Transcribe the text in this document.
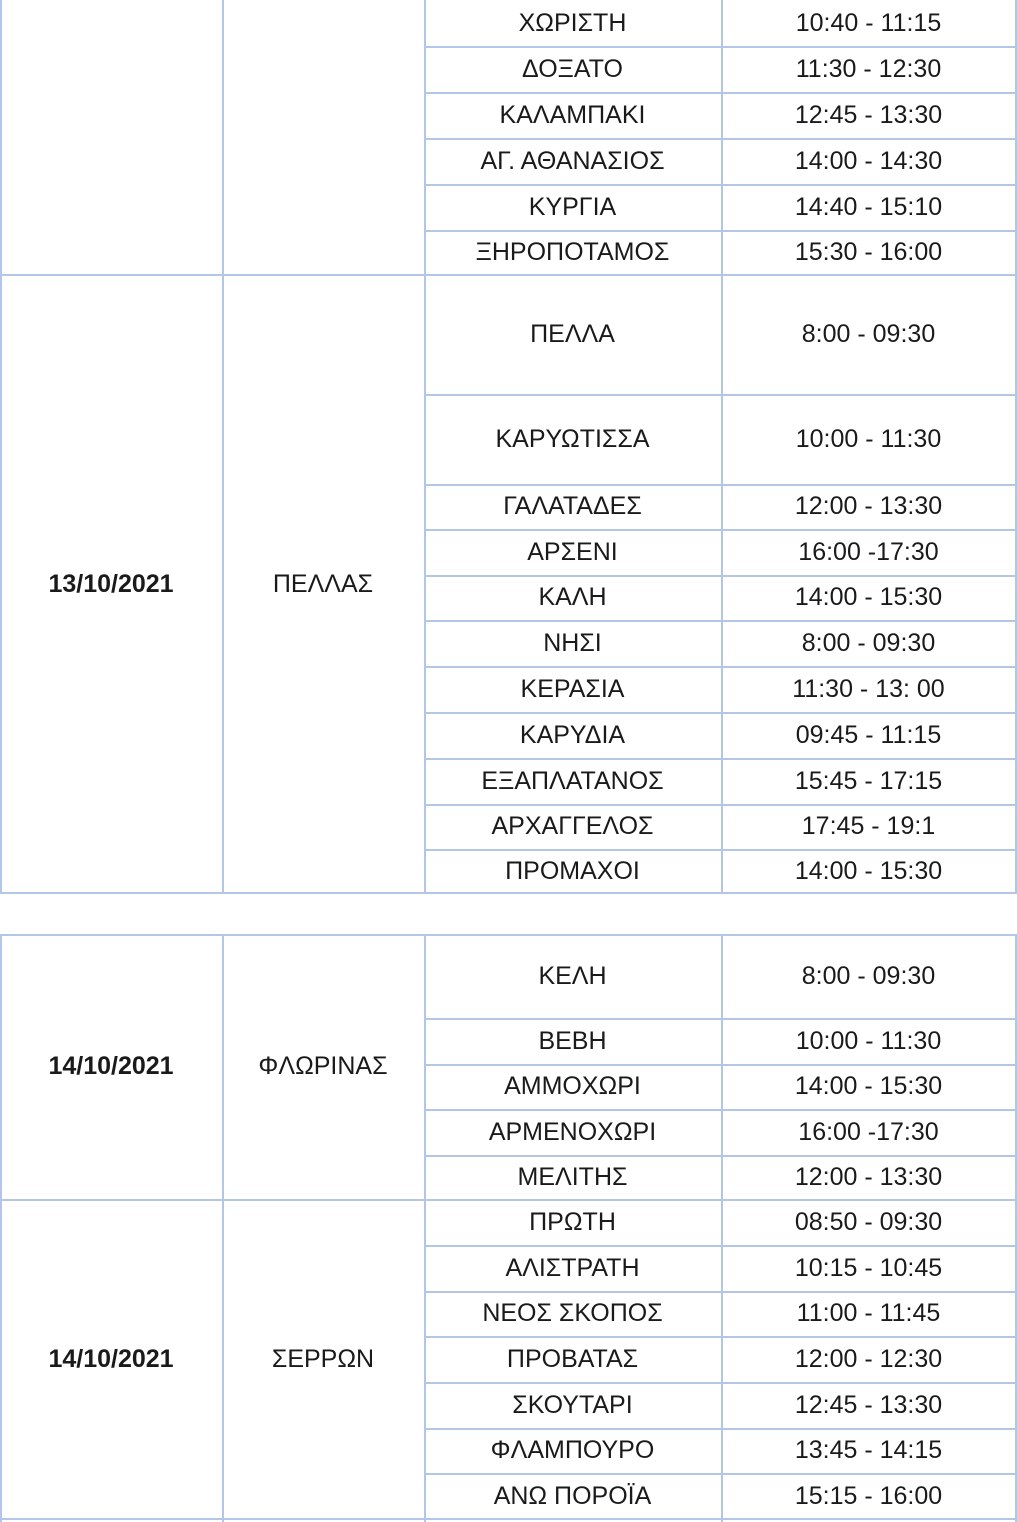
ΧΩΡΙΣΤΗ	10:40 - 11:15
ΔΟΞΑΤΟ	11:30 - 12:30
ΚΑΛΑΜΠΑΚΙ	12:45 - 13:30
ΑΓ. ΑΘΑΝΑΣΙΟΣ	14:00 - 14:30
ΚΥΡΓΙΑ	14:40 - 15:10
ΞΗΡΟΠΟΤΑΜΟΣ	15:30 - 16:00
13/10/2021	ΠΕΛΛΑΣ
ΠΕΛΛΑ	8:00 - 09:30
ΚΑΡΥΩΤΙΣΣΑ	10:00 - 11:30
ΓΑΛΑΤΑΔΕΣ	12:00 - 13:30
ΑΡΣΕΝΙ	16:00 -17:30
ΚΑΛΗ	14:00 - 15:30
ΝΗΣΙ	8:00 - 09:30
ΚΕΡΑΣΙΑ	11:30 - 13: 00
ΚΑΡΥΔΙΑ	09:45 - 11:15
ΕΞΑΠΛΑΤΑΝΟΣ	15:45 - 17:15
ΑΡΧΑΓΓΕΛΟΣ	17:45 - 19:1
ΠΡΟΜΑΧΟΙ	14:00 - 15:30
14/10/2021	ΦΛΩΡΙΝΑΣ
ΚΕΛΗ	8:00 - 09:30
ΒΕΒΗ	10:00 - 11:30
ΑΜΜΟΧΩΡΙ	14:00 - 15:30
ΑΡΜΕΝΟΧΩΡΙ	16:00 -17:30
ΜΕΛΙΤΗΣ	12:00 - 13:30
14/10/2021	ΣΕΡΡΩΝ
ΠΡΩΤΗ	08:50 - 09:30
ΑΛΙΣΤΡΑΤΗ	10:15 - 10:45
ΝΕΟΣ ΣΚΟΠΟΣ	11:00 - 11:45
ΠΡΟΒΑΤΑΣ	12:00 - 12:30
ΣΚΟΥΤΑΡΙ	12:45 - 13:30
ΦΛΑΜΠΟΥΡΟ	13:45 - 14:15
ΑΝΩ ΠΟΡΟΪΑ	15:15 - 16:00
